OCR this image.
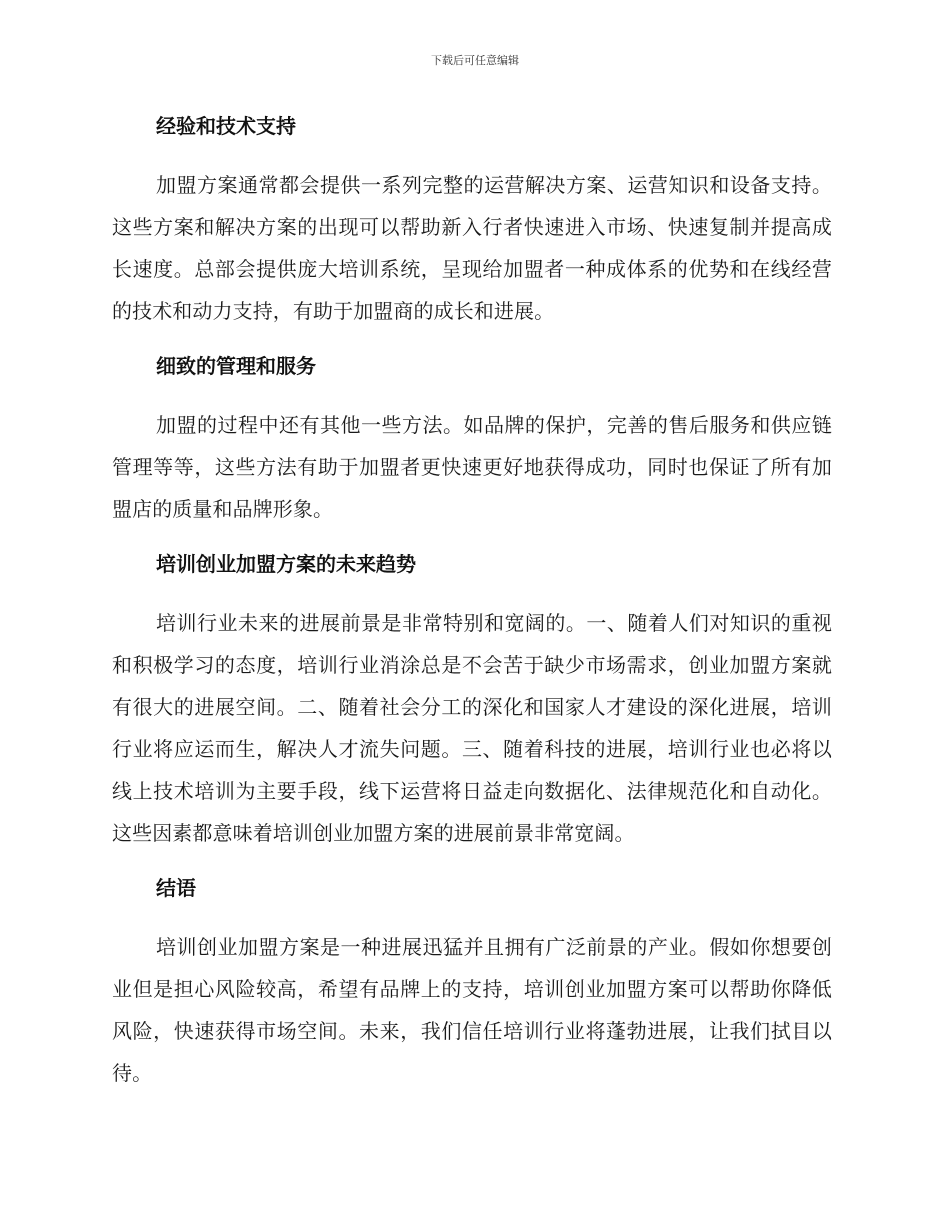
下载后可任意编辑
经验和技术支持

加盟方案通常都会提供一系列完整的运营解决方案、运营知识和设备支持。这些方案和解决方案的出现可以帮助新入行者快速进入市场、快速复制并提高成长速度。总部会提供庞大培训系统，呈现给加盟者一种成体系的优势和在线经营的技术和动力支持，有助于加盟商的成长和进展。

细致的管理和服务

加盟的过程中还有其他一些方法。如品牌的保护，完善的售后服务和供应链管理等等，这些方法有助于加盟者更快速更好地获得成功，同时也保证了所有加盟店的质量和品牌形象。

培训创业加盟方案的未来趋势

培训行业未来的进展前景是非常特别和宽阔的。一、随着人们对知识的重视和积极学习的态度，培训行业消涂总是不会苦于缺少市场需求，创业加盟方案就有很大的进展空间。二、随着社会分工的深化和国家人才建设的深化进展，培训行业将应运而生，解决人才流失问题。三、随着科技的进展，培训行业也必将以线上技术培训为主要手段，线下运营将日益走向数据化、法律规范化和自动化。这些因素都意味着培训创业加盟方案的进展前景非常宽阔。

结语

培训创业加盟方案是一种进展迅猛并且拥有广泛前景的产业。假如你想要创业但是担心风险较高，希望有品牌上的支持，培训创业加盟方案可以帮助你降低风险，快速获得市场空间。未来，我们信任培训行业将蓬勃进展，让我们拭目以待。
